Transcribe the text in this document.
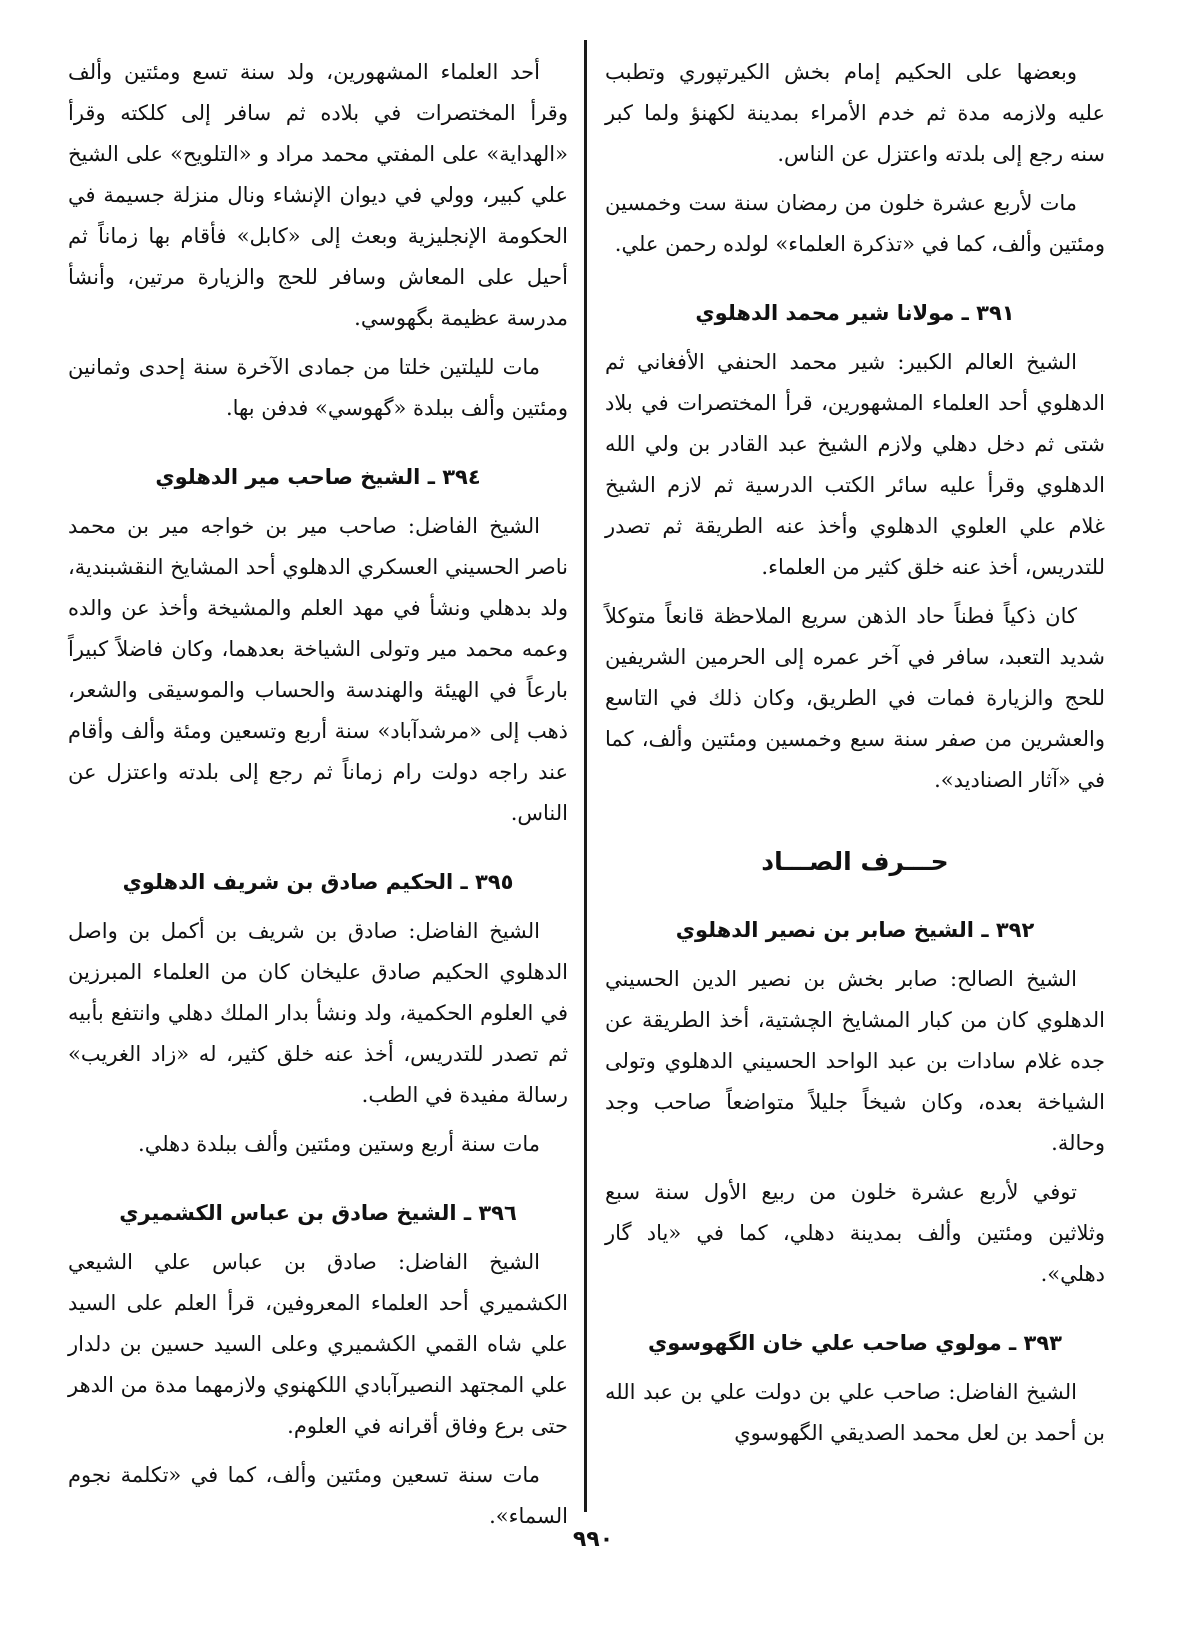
وبعضها على الحكيم إمام بخش الكيرتپوري وتطبب عليه ولازمه مدة ثم خدم الأمراء بمدينة لكهنؤ ولما كبر سنه رجع إلى بلدته واعتزل عن الناس.

مات لأربع عشرة خلون من رمضان سنة ست وخمسين ومئتين وألف، كما في «تذكرة العلماء» لولده رحمن علي.

٣٩١ ـ مولانا شير محمد الدهلوي

الشيخ العالم الكبير: شير محمد الحنفي الأفغاني ثم الدهلوي أحد العلماء المشهورين، قرأ المختصرات في بلاد شتى ثم دخل دهلي ولازم الشيخ عبد القادر بن ولي الله الدهلوي وقرأ عليه سائر الكتب الدرسية ثم لازم الشيخ غلام علي العلوي الدهلوي وأخذ عنه الطريقة ثم تصدر للتدريس، أخذ عنه خلق كثير من العلماء.

كان ذكياً فطناً حاد الذهن سريع الملاحظة قانعاً متوكلاً شديد التعبد، سافر في آخر عمره إلى الحرمين الشريفين للحج والزيارة فمات في الطريق، وكان ذلك في التاسع والعشرين من صفر سنة سبع وخمسين ومئتين وألف، كما في «آثار الصناديد».

حـــرف الصـــاد
٣٩٢ ـ الشيخ صابر بن نصير الدهلوي

الشيخ الصالح: صابر بخش بن نصير الدين الحسيني الدهلوي كان من كبار المشايخ الچشتية، أخذ الطريقة عن جده غلام سادات بن عبد الواحد الحسيني الدهلوي وتولى الشياخة بعده، وكان شيخاً جليلاً متواضعاً صاحب وجد وحالة.

توفي لأربع عشرة خلون من ربيع الأول سنة سبع وثلاثين ومئتين وألف بمدينة دهلي، كما في «ياد گار دهلي».

٣٩٣ ـ مولوي صاحب علي خان الگهوسوي

الشيخ الفاضل: صاحب علي بن دولت علي بن عبد الله بن أحمد بن لعل محمد الصديقي الگهوسوي

أحد العلماء المشهورين، ولد سنة تسع ومئتين وألف وقرأ المختصرات في بلاده ثم سافر إلى كلكته وقرأ «الهداية» على المفتي محمد مراد و «التلويح» على الشيخ علي كبير، وولي في ديوان الإنشاء ونال منزلة جسيمة في الحكومة الإنجليزية وبعث إلى «كابل» فأقام بها زماناً ثم أحيل على المعاش وسافر للحج والزيارة مرتين، وأنشأ مدرسة عظيمة بگهوسي.

مات لليلتين خلتا من جمادى الآخرة سنة إحدى وثمانين ومئتين وألف ببلدة «گهوسي» فدفن بها.

٣٩٤ ـ الشيخ صاحب مير الدهلوي

الشيخ الفاضل: صاحب مير بن خواجه مير بن محمد ناصر الحسيني العسكري الدهلوي أحد المشايخ النقشبندية، ولد بدهلي ونشأ في مهد العلم والمشيخة وأخذ عن والده وعمه محمد مير وتولى الشياخة بعدهما، وكان فاضلاً كبيراً بارعاً في الهيئة والهندسة والحساب والموسيقى والشعر، ذهب إلى «مرشدآباد» سنة أربع وتسعين ومئة وألف وأقام عند راجه دولت رام زماناً ثم رجع إلى بلدته واعتزل عن الناس.

٣٩٥ ـ الحكيم صادق بن شريف الدهلوي

الشيخ الفاضل: صادق بن شريف بن أكمل بن واصل الدهلوي الحكيم صادق عليخان كان من العلماء المبرزين في العلوم الحكمية، ولد ونشأ بدار الملك دهلي وانتفع بأبيه ثم تصدر للتدريس، أخذ عنه خلق كثير، له «زاد الغريب» رسالة مفيدة في الطب.

مات سنة أربع وستين ومئتين وألف ببلدة دهلي.

٣٩٦ ـ الشيخ صادق بن عباس الكشميري

الشيخ الفاضل: صادق بن عباس علي الشيعي الكشميري أحد العلماء المعروفين، قرأ العلم على السيد علي شاه القمي الكشميري وعلى السيد حسين بن دلدار علي المجتهد النصيرآبادي اللكهنوي ولازمهما مدة من الدهر حتى برع وفاق أقرانه في العلوم.

مات سنة تسعين ومئتين وألف، كما في «تكلمة نجوم السماء».

٩٩٠
